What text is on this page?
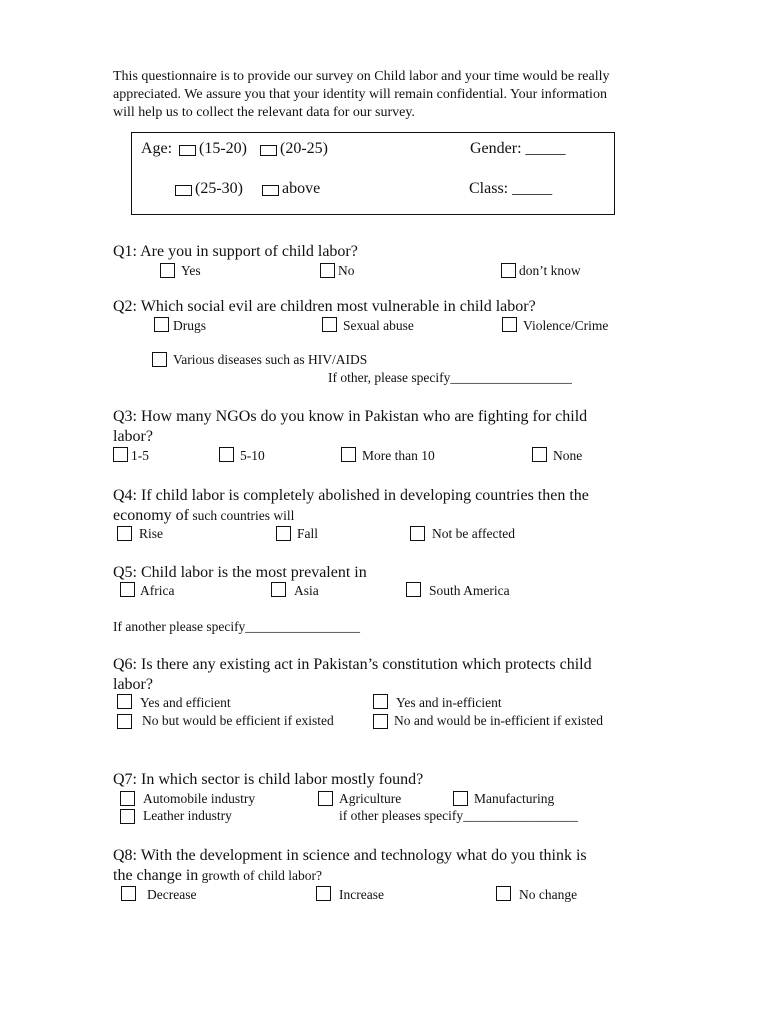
This questionnaire is to provide our survey on Child labor and your time would be really
appreciated. We assure you that your identity will remain confidential. Your information
will help us to collect the relevant data for our survey.
Age: (15-20) (20-25)	Gender: _____
(25-30) above	Class: _____
Q1: Are you in support of child labor?
Yes	No	don’t know
Q2: Which social evil are children most vulnerable in child labor?
Drugs	Sexual abuse	Violence/Crime
Various diseases such as HIV/AIDS
If other, please specify__________________
Q3: How many NGOs do you know in Pakistan who are fighting for child
labor?
1-5	5-10	More than 10	None
Q4: If child labor is completely abolished in developing countries then the
economy of such countries will
Rise	Fall	Not be affected
Q5: Child labor is the most prevalent in
Africa	Asia	South America
If another please specify_________________
Q6: Is there any existing act in Pakistan’s constitution which protects child
labor?
Yes and efficient	Yes and in-efficient
No but would be efficient if existed	No and would be in-efficient if existed
Q7: In which sector is child labor mostly found?
Automobile industry	Agriculture	Manufacturing
Leather industry	if other pleases specify_________________
Q8: With the development in science and technology what do you think is
the change in growth of child labor?
Decrease	Increase	No change
